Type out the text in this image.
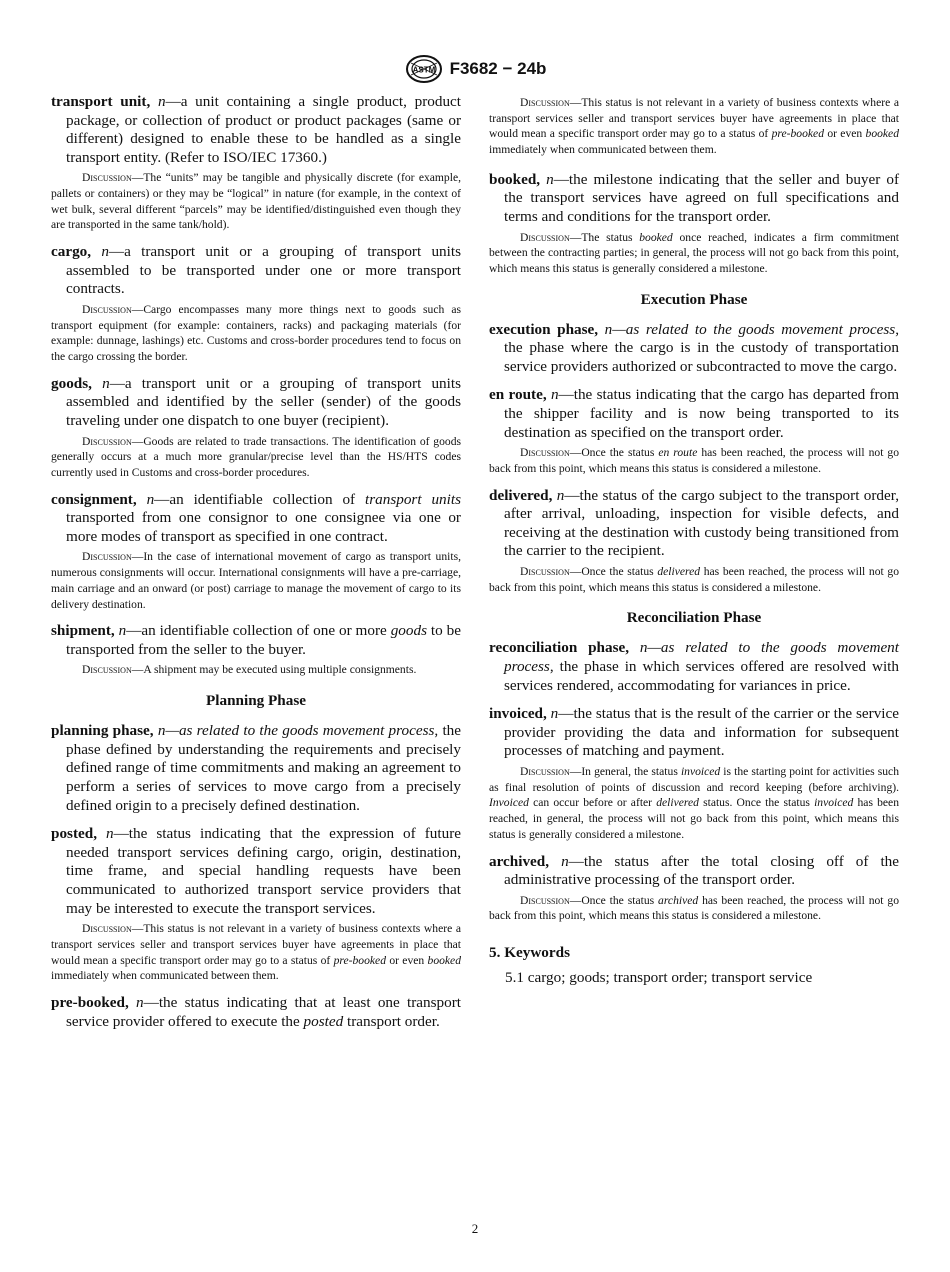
ASTM F3682 − 24b

transport unit, n—a unit containing a single product, product package, or collection of product or product packages (same or different) designed to enable these to be handled as a single transport entity. (Refer to ISO/IEC 17360.)

Discussion—The “units” may be tangible and physically discrete (for example, pallets or containers) or they may be “logical” in nature (for example, in the context of wet bulk, several different “parcels” may be identified/distinguished even though they are transported in the same tank/hold).

cargo, n—a transport unit or a grouping of transport units assembled to be transported under one or more transport contracts.

Discussion—Cargo encompasses many more things next to goods such as transport equipment (for example: containers, racks) and packaging materials (for example: dunnage, lashings) etc. Customs and cross-border procedures tend to focus on the cargo crossing the border.

goods, n—a transport unit or a grouping of transport units assembled and identified by the seller (sender) of the goods traveling under one dispatch to one buyer (recipient).

Discussion—Goods are related to trade transactions. The identification of goods generally occurs at a much more granular/precise level than the HS/HTS codes currently used in Customs and cross-border procedures.

consignment, n—an identifiable collection of transport units transported from one consignor to one consignee via one or more modes of transport as specified in one contract.

Discussion—In the case of international movement of cargo as transport units, numerous consignments will occur. International consignments will have a pre-carriage, main carriage and an onward (or post) carriage to manage the movement of cargo to its delivery destination.

shipment, n—an identifiable collection of one or more goods to be transported from the seller to the buyer.

Discussion—A shipment may be executed using multiple consignments.

Planning Phase

planning phase, n—as related to the goods movement process, the phase defined by understanding the requirements and precisely defined range of time commitments and making an agreement to perform a series of services to move cargo from a precisely defined origin to a precisely defined destination.

posted, n—the status indicating that the expression of future needed transport services defining cargo, origin, destination, time frame, and special handling requests have been communicated to authorized transport service providers that may be interested to execute the transport services.

Discussion—This status is not relevant in a variety of business contexts where a transport services seller and transport services buyer have agreements in place that would mean a specific transport order may go to a status of pre-booked or even booked immediately when communicated between them.

pre-booked, n—the status indicating that at least one transport service provider offered to execute the posted transport order.

Discussion—This status is not relevant in a variety of business contexts where a transport services seller and transport services buyer have agreements in place that would mean a specific transport order may go to a status of pre-booked or even booked immediately when communicated between them.

booked, n—the milestone indicating that the seller and buyer of the transport services have agreed on full specifications and terms and conditions for the transport order.

Discussion—The status booked once reached, indicates a firm commitment between the contracting parties; in general, the process will not go back from this point, which means this status is generally considered a milestone.

Execution Phase

execution phase, n—as related to the goods movement process, the phase where the cargo is in the custody of transportation service providers authorized or subcontracted to move the cargo.

en route, n—the status indicating that the cargo has departed from the shipper facility and is now being transported to its destination as specified on the transport order.

Discussion—Once the status en route has been reached, the process will not go back from this point, which means this status is considered a milestone.

delivered, n—the status of the cargo subject to the transport order, after arrival, unloading, inspection for visible defects, and receiving at the destination with custody being transitioned from the carrier to the recipient.

Discussion—Once the status delivered has been reached, the process will not go back from this point, which means this status is considered a milestone.

Reconciliation Phase

reconciliation phase, n—as related to the goods movement process, the phase in which services offered are resolved with services rendered, accommodating for variances in price.

invoiced, n—the status that is the result of the carrier or the service provider providing the data and information for subsequent processes of matching and payment.

Discussion—In general, the status invoiced is the starting point for activities such as final resolution of points of discussion and record keeping (before archiving). Invoiced can occur before or after delivered status. Once the status invoiced has been reached, in general, the process will not go back from this point, which means this status is generally considered a milestone.

archived, n—the status after the total closing off of the administrative processing of the transport order.

Discussion—Once the status archived has been reached, the process will not go back from this point, which means this status is considered a milestone.

5. Keywords
5.1 cargo; goods; transport order; transport service
2
